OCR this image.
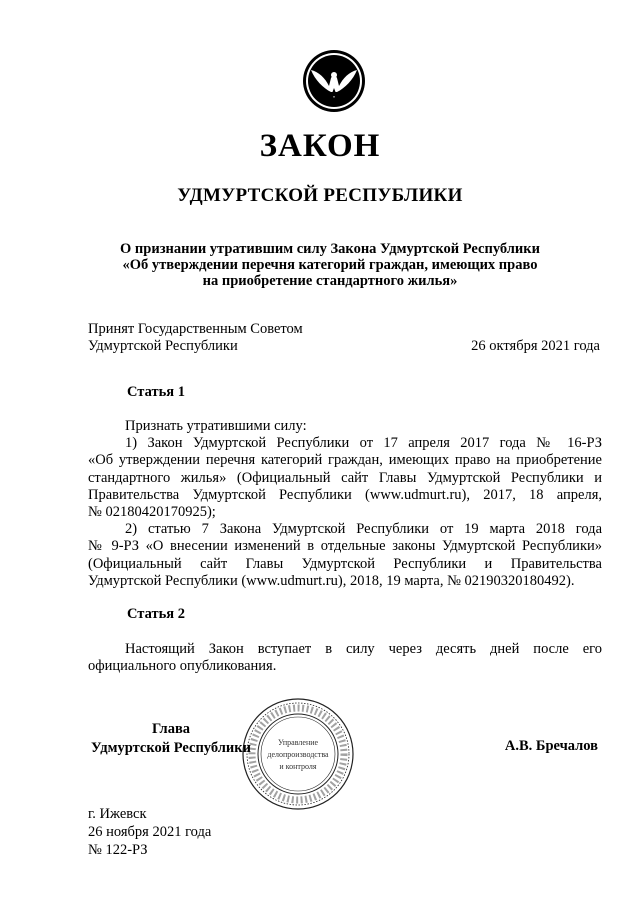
ЗАКОН
УДМУРТСКОЙ РЕСПУБЛИКИ
О признании утратившим силу Закона Удмуртской Республики
«Об утверждении перечня категорий граждан, имеющих право
на приобретение стандартного жилья»
Принят Государственным Советом
Удмуртской Республики	26 октября 2021 года
Статья 1

Признать утратившими силу:

1) Закон Удмуртской Республики от 17 апреля 2017 года № 16-РЗ

«Об утверждении перечня категорий граждан, имеющих право на приобретение

стандартного жилья» (Официальный сайт Главы Удмуртской Республики и

Правительства Удмуртской Республики (www.udmurt.ru), 2017, 18 апреля,

№ 02180420170925);

2) статью 7 Закона Удмуртской Республики от 19 марта 2018 года

№ 9-РЗ «О внесении изменений в отдельные законы Удмуртской Республики»

(Официальный сайт Главы Удмуртской Республики и Правительства

Удмуртской Республики (www.udmurt.ru), 2018, 19 марта, № 02190320180492).

Статья 2

Настоящий Закон вступает в силу через десять дней после его

официального опубликования.

Управление
делопроизводства
и контроля
Глава
Удмуртской Республики	А.В. Бречалов
г. Ижевск
26 ноября 2021 года
№ 122-РЗ
